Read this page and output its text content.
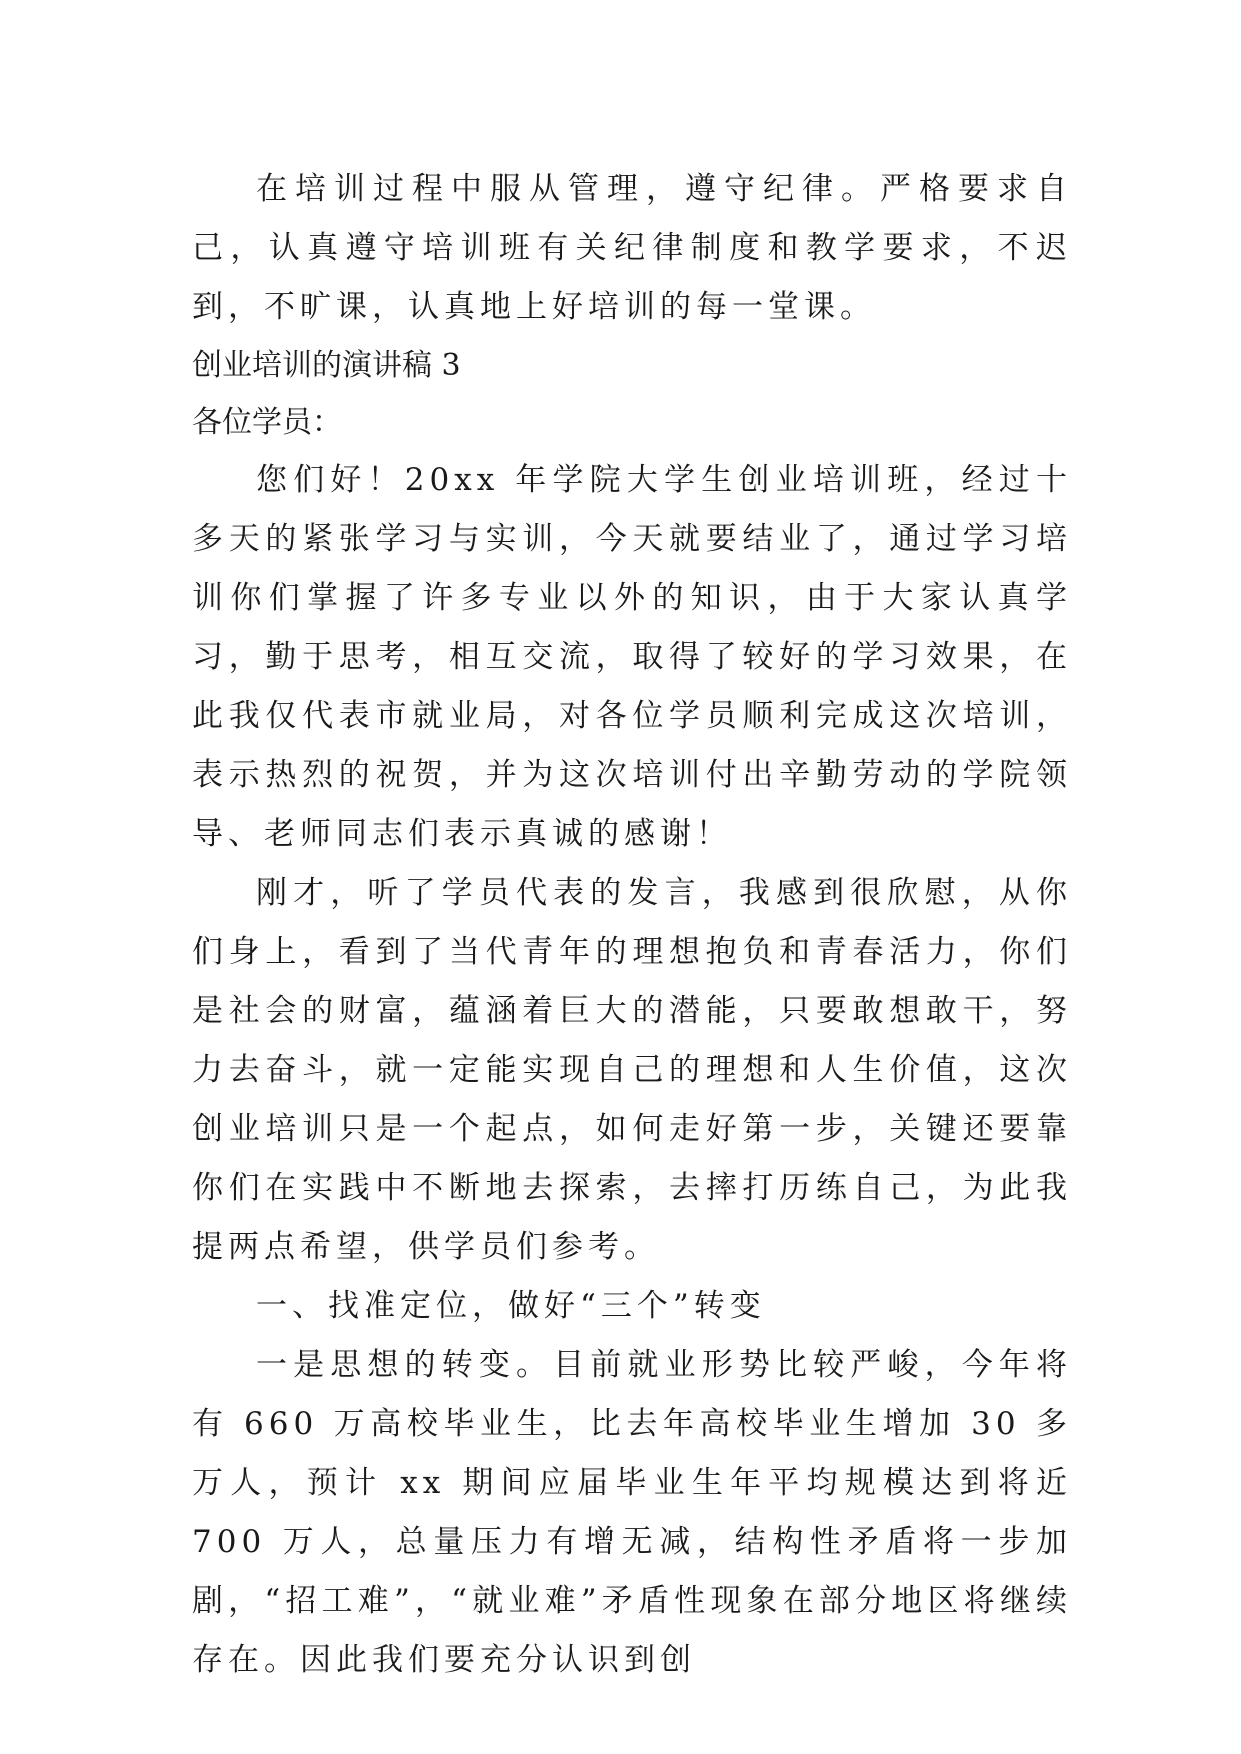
在培训过程中服从管理，遵守纪律。严格要求自己，认真遵守培训班有关纪律制度和教学要求，不迟到，不旷课，认真地上好培训的每一堂课。

创业培训的演讲稿 3

各位学员：

您们好！20xx 年学院大学生创业培训班，经过十多天的紧张学习与实训，今天就要结业了，通过学习培训你们掌握了许多专业以外的知识，由于大家认真学习，勤于思考，相互交流，取得了较好的学习效果，在此我仅代表市就业局，对各位学员顺利完成这次培训，表示热烈的祝贺，并为这次培训付出辛勤劳动的学院领导、老师同志们表示真诚的感谢！

刚才，听了学员代表的发言，我感到很欣慰，从你们身上，看到了当代青年的理想抱负和青春活力，你们是社会的财富，蕴涵着巨大的潜能，只要敢想敢干，努力去奋斗，就一定能实现自己的理想和人生价值，这次创业培训只是一个起点，如何走好第一步，关键还要靠你们在实践中不断地去探索，去摔打历练自己，为此我提两点希望，供学员们参考。

一、找准定位，做好“三个”转变

一是思想的转变。目前就业形势比较严峻，今年将有 660 万高校毕业生，比去年高校毕业生增加 30 多万人，预计 xx 期间应届毕业生年平均规模达到将近 700 万人，总量压力有增无减，结构性矛盾将一步加剧，“招工难”，“就业难”矛盾性现象在部分地区将继续存在。因此我们要充分认识到创
